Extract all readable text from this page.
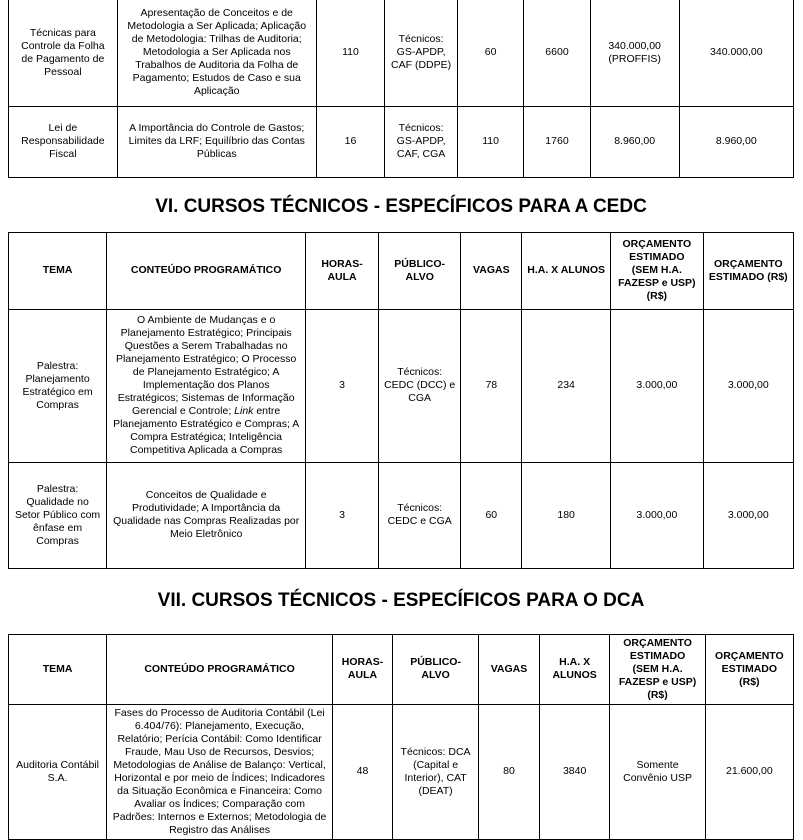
Técnicas para Controle da Folha de Pagamento de Pessoal	Apresentação de Conceitos e de Metodologia a Ser Aplicada; Aplicação de Metodologia: Trilhas de Auditoria; Metodologia a Ser Aplicada nos Trabalhos de Auditoria da Folha de Pagamento; Estudos de Caso e sua Aplicação	110	Técnicos: GS-APDP, CAF (DDPE)	60	6600	340.000,00 (PROFFIS)	340.000,00
Lei de Responsabilidade Fiscal	A Importância do Controle de Gastos; Limites da LRF; Equilíbrio das Contas Públicas	16	Técnicos: GS-APDP, CAF, CGA	110	1760	8.960,00	8.960,00
VI. CURSOS TÉCNICOS - ESPECÍFICOS PARA A CEDC
TEMA	CONTEÚDO PROGRAMÁTICO	HORAS-AULA	PÚBLICO-ALVO	VAGAS	H.A. X ALUNOS	ORÇAMENTO ESTIMADO (SEM H.A. FAZESP e USP) (R$)	ORÇAMENTO ESTIMADO (R$)
Palestra: Planejamento Estratégico em Compras	O Ambiente de Mudanças e o Planejamento Estratégico; Principais Questões a Serem Trabalhadas no Planejamento Estratégico; O Processo de Planejamento Estratégico; A Implementação dos Planos Estratégicos; Sistemas de Informação Gerencial e Controle; Link entre Planejamento Estratégico e Compras; A Compra Estratégica; Inteligência Competitiva Aplicada a Compras	3	Técnicos: CEDC (DCC) e CGA	78	234	3.000,00	3.000,00
Palestra: Qualidade no Setor Público com ênfase em Compras	Conceitos de Qualidade e Produtividade; A Importância da Qualidade nas Compras Realizadas por Meio Eletrônico	3	Técnicos: CEDC e CGA	60	180	3.000,00	3.000,00
VII. CURSOS TÉCNICOS - ESPECÍFICOS PARA O DCA
TEMA	CONTEÚDO PROGRAMÁTICO	HORAS-AULA	PÚBLICO-ALVO	VAGAS	H.A. X ALUNOS	ORÇAMENTO ESTIMADO (SEM H.A. FAZESP e USP) (R$)	ORÇAMENTO ESTIMADO (R$)
Auditoria Contábil S.A.	Fases do Processo de Auditoria Contábil (Lei 6.404/76): Planejamento, Execução, Relatório; Perícia Contábil: Como Identificar Fraude, Mau Uso de Recursos, Desvios; Metodologias de Análise de Balanço: Vertical, Horizontal e por meio de Índices; Indicadores da Situação Econômica e Financeira: Como Avaliar os Índices; Comparação com Padrões: Internos e Externos; Metodologia de Registro das Análises	48	Técnicos: DCA (Capital e Interior), CAT (DEAT)	80	3840	Somente Convênio USP	21.600,00
